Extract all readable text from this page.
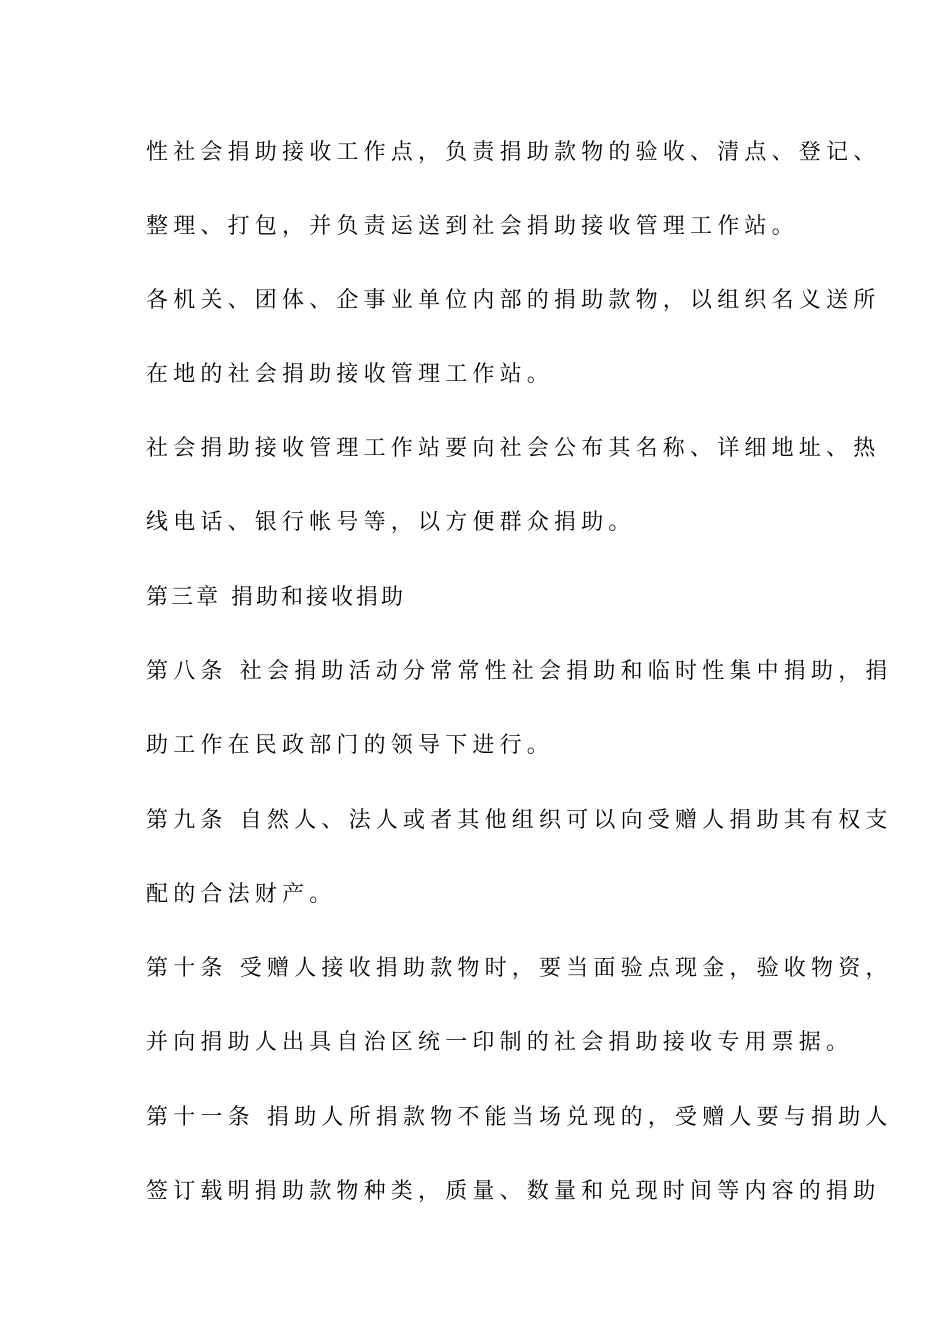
性社会捐助接收工作点，负责捐助款物的验收、清点、登记、
整理、打包，并负责运送到社会捐助接收管理工作站。
各机关、团体、企事业单位内部的捐助款物，以组织名义送所
在地的社会捐助接收管理工作站。
社会捐助接收管理工作站要向社会公布其名称、详细地址、热
线电话、银行帐号等，以方便群众捐助。
第三章 捐助和接收捐助
第八条 社会捐助活动分常常性社会捐助和临时性集中捐助，捐
助工作在民政部门的领导下进行。
第九条 自然人、法人或者其他组织可以向受赠人捐助其有权支
配的合法财产。
第十条 受赠人接收捐助款物时，要当面验点现金，验收物资，
并向捐助人出具自治区统一印制的社会捐助接收专用票据。
第十一条 捐助人所捐款物不能当场兑现的，受赠人要与捐助人
签订载明捐助款物种类，质量、数量和兑现时间等内容的捐助
